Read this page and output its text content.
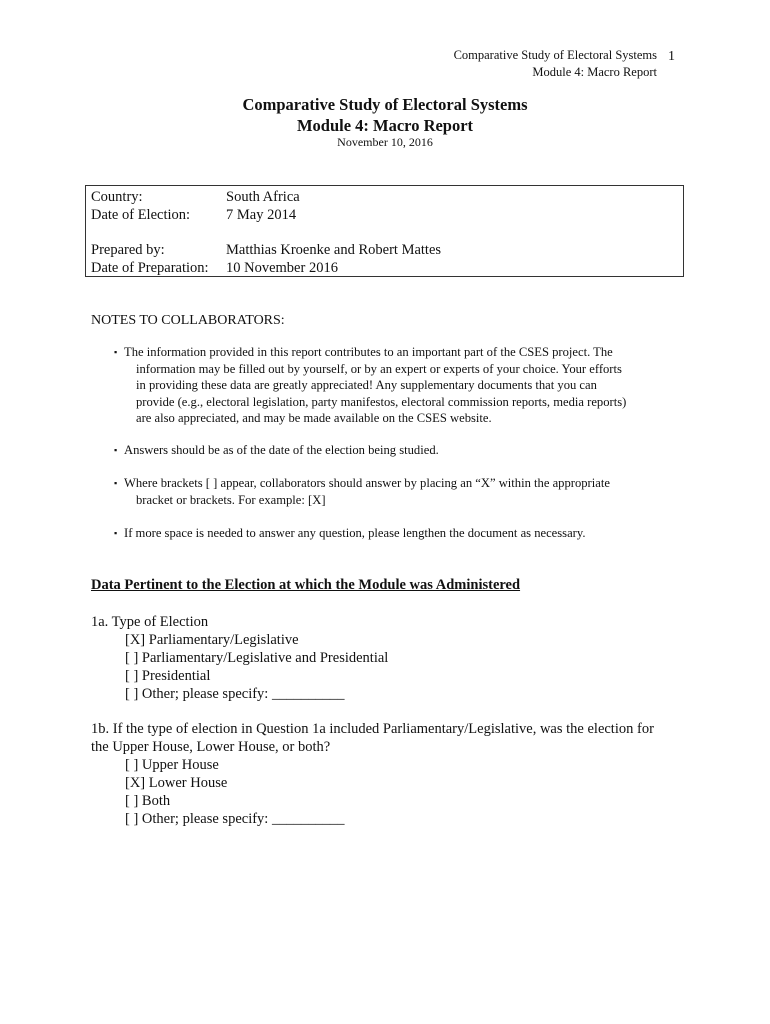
Comparative Study of Electoral Systems
Module 4: Macro Report
1
Comparative Study of Electoral Systems
Module 4: Macro Report
November 10, 2016
Country:	South Africa
Date of Election: 7 May 2014
Prepared by:	Matthias Kroenke and Robert Mattes
Date of Preparation: 10 November 2016
NOTES TO COLLABORATORS:
▪ The information provided in this report contributes to an important part of the CSES project. The
information may be filled out by yourself, or by an expert or experts of your choice. Your efforts
in providing these data are greatly appreciated! Any supplementary documents that you can
provide (e.g., electoral legislation, party manifestos, electoral commission reports, media reports)
are also appreciated, and may be made available on the CSES website.
▪ Answers should be as of the date of the election being studied.
▪ Where brackets [ ] appear, collaborators should answer by placing an “X” within the appropriate
bracket or brackets. For example: [X]
▪ If more space is needed to answer any question, please lengthen the document as necessary.
Data Pertinent to the Election at which the Module was Administered
1a. Type of Election
[X] Parliamentary/Legislative
[ ] Parliamentary/Legislative and Presidential
[ ] Presidential
[ ] Other; please specify: __________
1b. If the type of election in Question 1a included Parliamentary/Legislative, was the election for
the Upper House, Lower House, or both?
[ ] Upper House
[X] Lower House
[ ] Both
[ ] Other; please specify: __________
